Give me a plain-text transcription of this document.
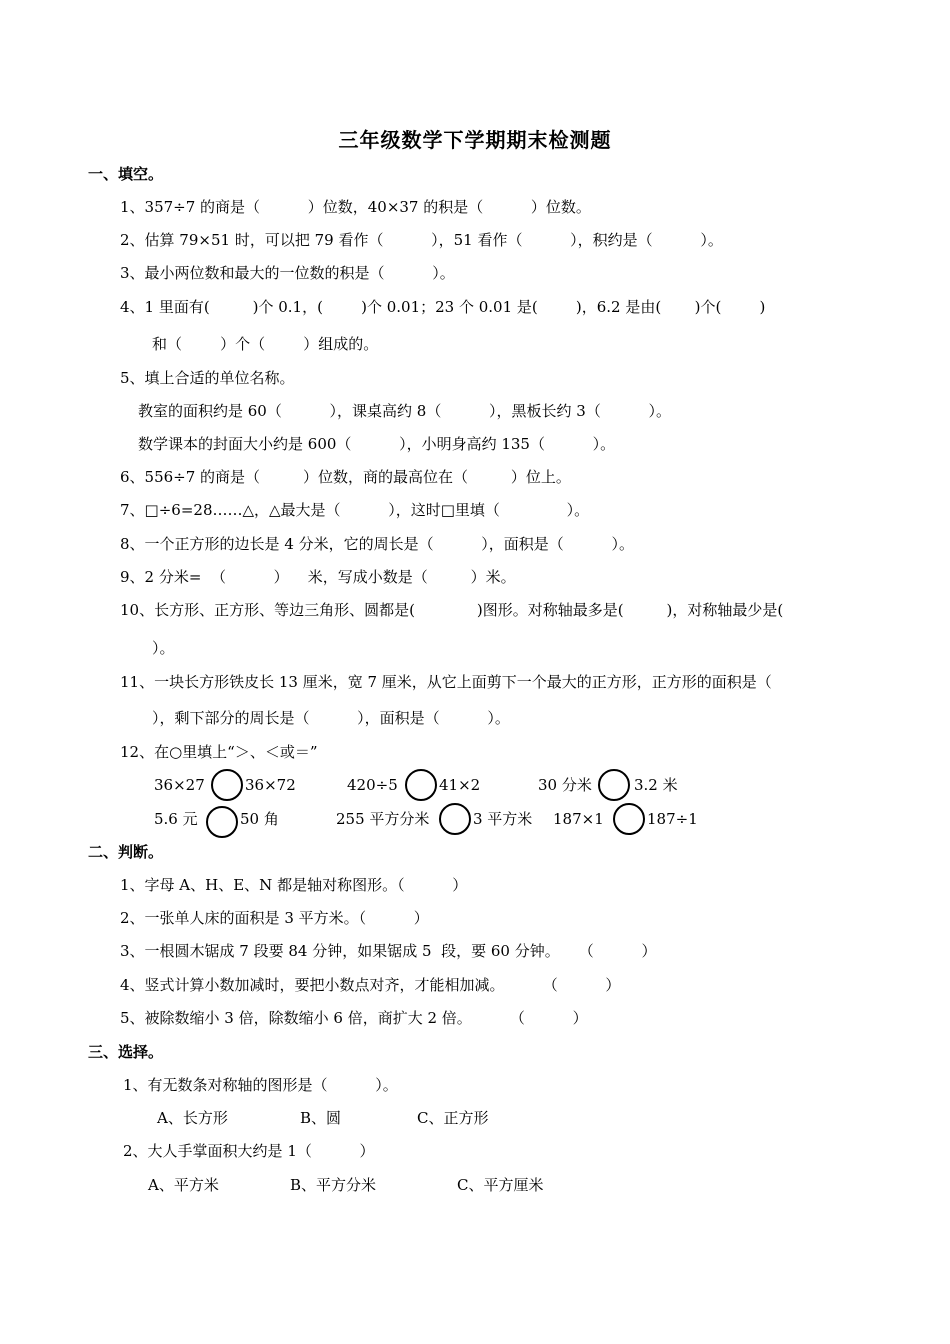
三年级数学下学期期末检测题
一、填空。
1、357÷7 的商是（          ）位数，40×37 的积是（          ）位数。
2、估算 79×51 时，可以把 79 看作（          ），51 看作（          ），积约是（          ）。
3、最小两位数和最大的一位数的积是（          ）。
4、1 里面有(         )个 0.1，(        )个 0.01；23 个 0.01 是(        )，6.2 是由(       )个(        )
和（        ）个（        ）组成的。
5、填上合适的单位名称。
教室的面积约是 60（          ），课桌高约 8（          ），黑板长约 3（          ）。
数学课本的封面大小约是 600（          ），小明身高约 135（          ）。
6、556÷7 的商是（         ）位数，商的最高位在（         ）位上。
7、□÷6=28……△，△最大是（          ），这时□里填（              ）。
8、一个正方形的边长是 4 分米，它的周长是（          ），面积是（          ）。
9、2 分米=  （          ）    米，写成小数是（         ）米。
10、长方形、正方形、等边三角形、圆都是(             )图形。对称轴最多是(         )，对称轴最少是(
）。
11、一块长方形铁皮长 13 厘米，宽 7 厘米，从它上面剪下一个最大的正方形，正方形的面积是（
），剩下部分的周长是（          ），面积是（          ）。
12、在○里填上“＞、＜或＝”
36×27	36×72	420÷5	41×2	30 分米	3.2 米
5.6 元	50 角	255 平方分米	3 平方米 187×1	187÷1
二、判断。
1、字母 A、H、E、N 都是轴对称图形。（          ）
2、一张单人床的面积是 3 平方米。（          ）
3、一根圆木锯成 7 段要 84 分钟，如果锯成 5  段，要 60 分钟。    （          ）
4、竖式计算小数加减时，要把小数点对齐，才能相加减。        （          ）
5、被除数缩小 3 倍，除数缩小 6 倍，商扩大 2 倍。        （          ）
三、选择。
1、有无数条对称轴的图形是（          ）。
A、长方形	B、圆	C、正方形
2、大人手掌面积大约是 1（          ）
A、平方米	B、平方分米	C、平方厘米
